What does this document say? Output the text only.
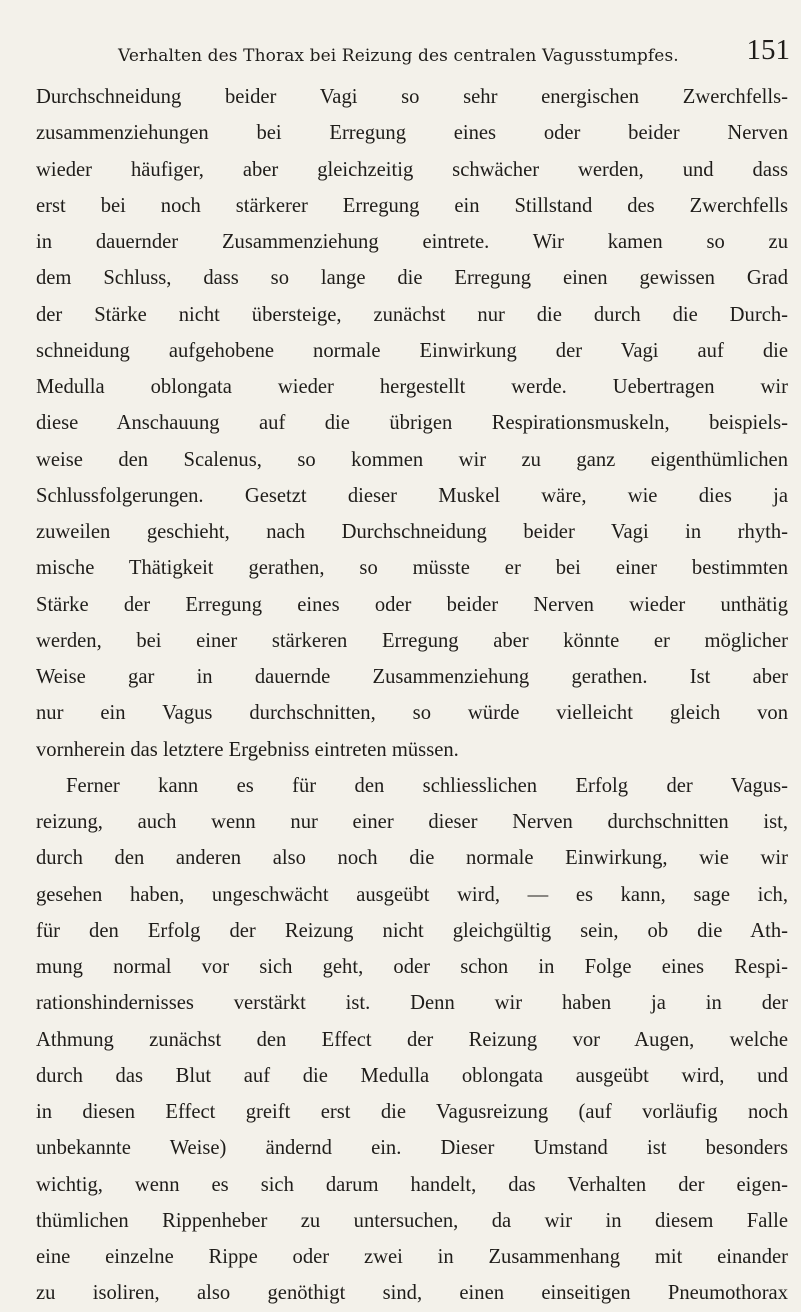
Verhalten des Thorax bei Reizung des centralen Vagusstumpfes. 151
Durchschneidung beider Vagi so sehr energischen Zwerchfells-
zusammenziehungen bei Erregung eines oder beider Nerven
wieder häufiger, aber gleichzeitig schwächer werden, und dass
erst bei noch stärkerer Erregung ein Stillstand des Zwerchfells
in dauernder Zusammenziehung eintrete. Wir kamen so zu
dem Schluss, dass so lange die Erregung einen gewissen Grad
der Stärke nicht übersteige, zunächst nur die durch die Durch-
schneidung aufgehobene normale Einwirkung der Vagi auf die
Medulla oblongata wieder hergestellt werde. Uebertragen wir
diese Anschauung auf die übrigen Respirationsmuskeln, beispiels-
weise den Scalenus, so kommen wir zu ganz eigenthümlichen
Schlussfolgerungen. Gesetzt dieser Muskel wäre, wie dies ja
zuweilen geschieht, nach Durchschneidung beider Vagi in rhyth-
mische Thätigkeit gerathen, so müsste er bei einer bestimmten
Stärke der Erregung eines oder beider Nerven wieder unthätig
werden, bei einer stärkeren Erregung aber könnte er möglicher
Weise gar in dauernde Zusammenziehung gerathen. Ist aber
nur ein Vagus durchschnitten, so würde vielleicht gleich von
vornherein das letztere Ergebniss eintreten müssen.
Ferner kann es für den schliesslichen Erfolg der Vagus-
reizung, auch wenn nur einer dieser Nerven durchschnitten ist,
durch den anderen also noch die normale Einwirkung, wie wir
gesehen haben, ungeschwächt ausgeübt wird, — es kann, sage ich,
für den Erfolg der Reizung nicht gleichgültig sein, ob die Ath-
mung normal vor sich geht, oder schon in Folge eines Respi-
rationshindernisses verstärkt ist. Denn wir haben ja in der
Athmung zunächst den Effect der Reizung vor Augen, welche
durch das Blut auf die Medulla oblongata ausgeübt wird, und
in diesen Effect greift erst die Vagusreizung (auf vorläufig noch
unbekannte Weise) ändernd ein. Dieser Umstand ist besonders
wichtig, wenn es sich darum handelt, das Verhalten der eigen-
thümlichen Rippenheber zu untersuchen, da wir in diesem Falle
eine einzelne Rippe oder zwei in Zusammenhang mit einander
zu isoliren, also genöthigt sind, einen einseitigen Pneumothorax
